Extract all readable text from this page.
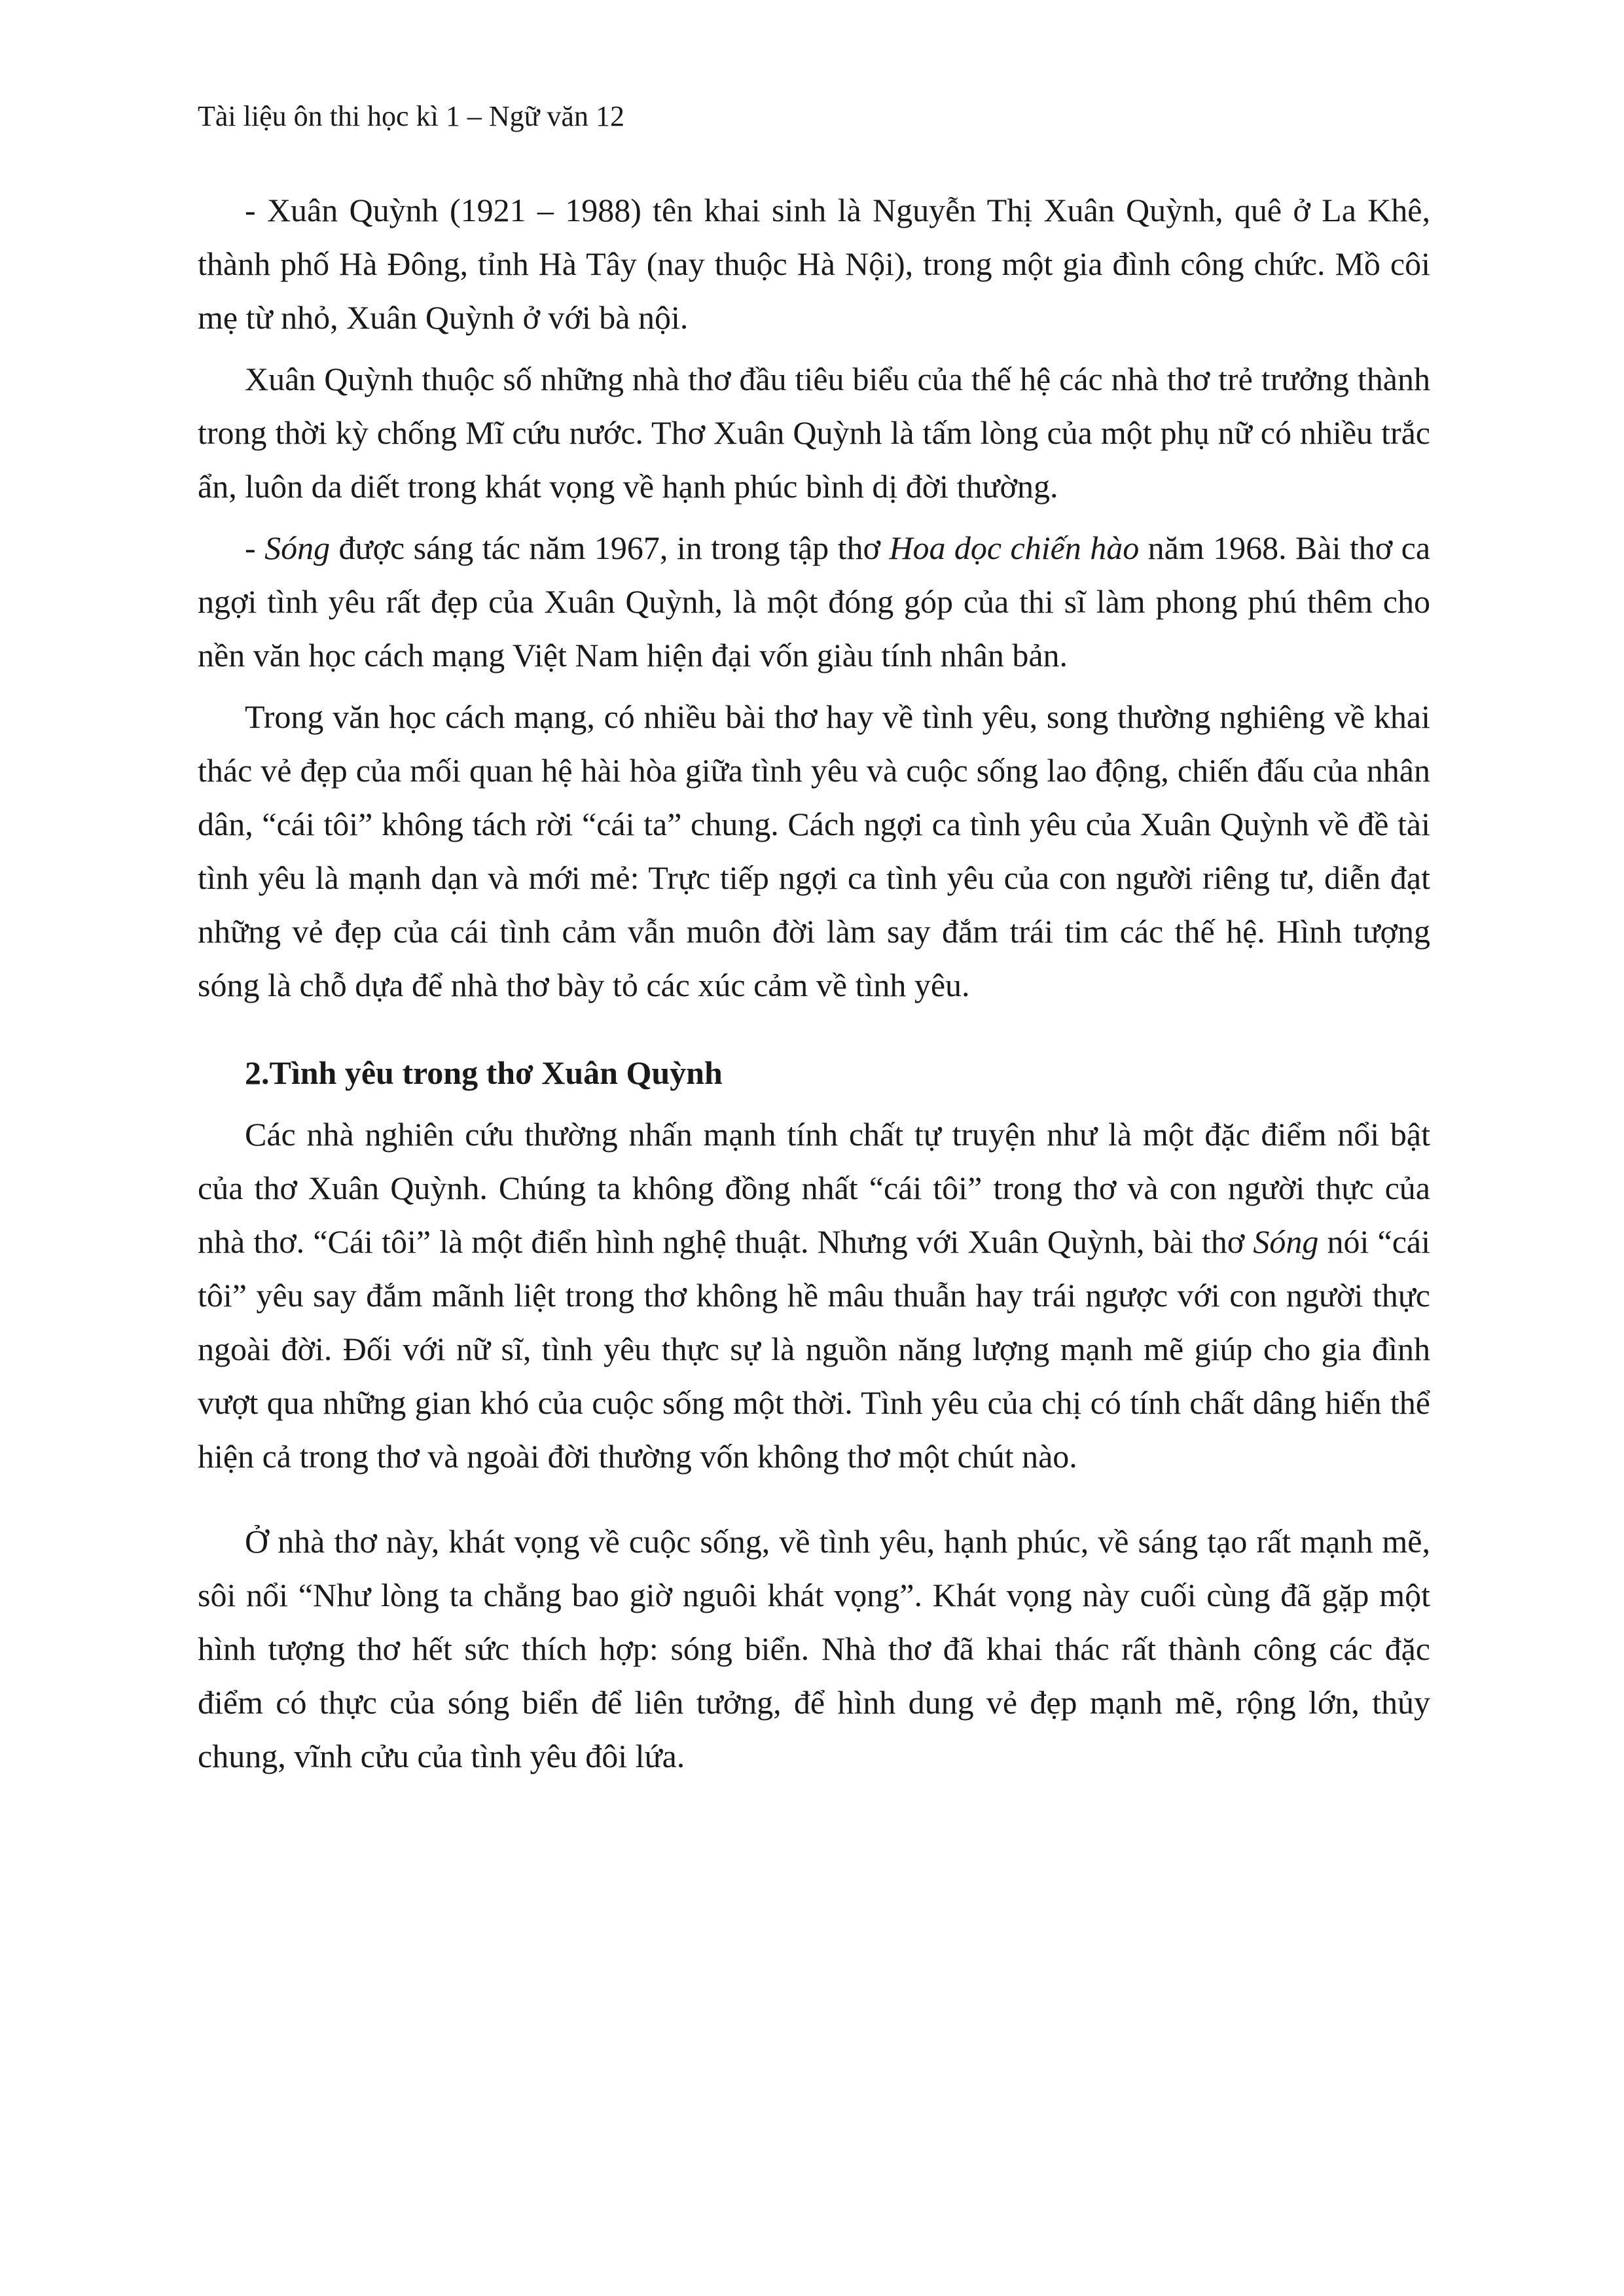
Tài liệu ôn thi học kì 1 – Ngữ văn 12

- Xuân Quỳnh (1921 – 1988) tên khai sinh là Nguyễn Thị Xuân Quỳnh, quê ở La Khê, thành phố Hà Đông, tỉnh Hà Tây (nay thuộc Hà Nội), trong một gia đình công chức. Mồ côi mẹ từ nhỏ, Xuân Quỳnh ở với bà nội.

Xuân Quỳnh thuộc số những nhà thơ đầu tiêu biểu của thế hệ các nhà thơ trẻ trưởng thành trong thời kỳ chống Mĩ cứu nước. Thơ Xuân Quỳnh là tấm lòng của một phụ nữ có nhiều trắc ẩn, luôn da diết trong khát vọng về hạnh phúc bình dị đời thường.

- Sóng được sáng tác năm 1967, in trong tập thơ Hoa dọc chiến hào năm 1968. Bài thơ ca ngợi tình yêu rất đẹp của Xuân Quỳnh, là một đóng góp của thi sĩ làm phong phú thêm cho nền văn học cách mạng Việt Nam hiện đại vốn giàu tính nhân bản.

Trong văn học cách mạng, có nhiều bài thơ hay về tình yêu, song thường nghiêng về khai thác vẻ đẹp của mối quan hệ hài hòa giữa tình yêu và cuộc sống lao động, chiến đấu của nhân dân, “cái tôi” không tách rời “cái ta” chung. Cách ngợi ca tình yêu của Xuân Quỳnh về đề tài tình yêu là mạnh dạn và mới mẻ: Trực tiếp ngợi ca tình yêu của con người riêng tư, diễn đạt những vẻ đẹp của cái tình cảm vẫn muôn đời làm say đắm trái tim các thế hệ. Hình tượng sóng là chỗ dựa để nhà thơ bày tỏ các xúc cảm về tình yêu.

2.Tình yêu trong thơ Xuân Quỳnh

Các nhà nghiên cứu thường nhấn mạnh tính chất tự truyện như là một đặc điểm nổi bật của thơ Xuân Quỳnh. Chúng ta không đồng nhất “cái tôi” trong thơ và con người thực của nhà thơ. “Cái tôi” là một điển hình nghệ thuật. Nhưng với Xuân Quỳnh, bài thơ Sóng nói “cái tôi” yêu say đắm mãnh liệt trong thơ không hề mâu thuẫn hay trái ngược với con người thực ngoài đời. Đối với nữ sĩ, tình yêu thực sự là nguồn năng lượng mạnh mẽ giúp cho gia đình vượt qua những gian khó của cuộc sống một thời. Tình yêu của chị có tính chất dâng hiến thể hiện cả trong thơ và ngoài đời thường vốn không thơ một chút nào.

Ở nhà thơ này, khát vọng về cuộc sống, về tình yêu, hạnh phúc, về sáng tạo rất mạnh mẽ, sôi nổi “Như lòng ta chẳng bao giờ nguôi khát vọng”. Khát vọng này cuối cùng đã gặp một hình tượng thơ hết sức thích hợp: sóng biển. Nhà thơ đã khai thác rất thành công các đặc điểm có thực của sóng biển để liên tưởng, để hình dung vẻ đẹp mạnh mẽ, rộng lớn, thủy chung, vĩnh cửu của tình yêu đôi lứa.
